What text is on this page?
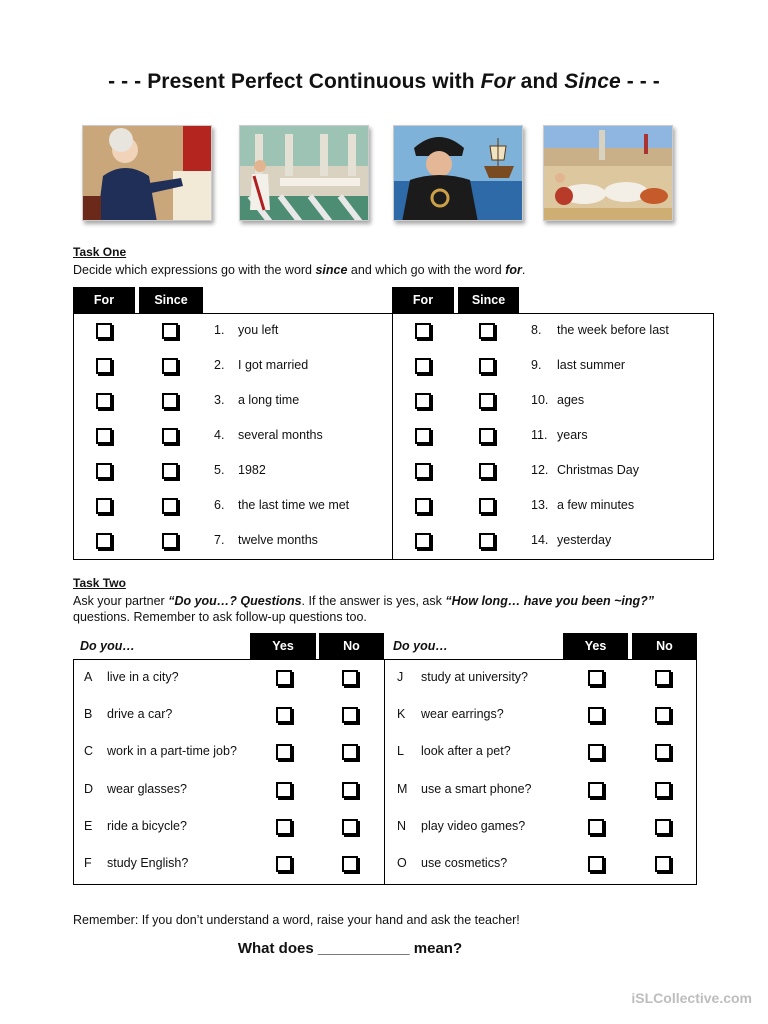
- - - Present Perfect Continuous with For and Since - - -
Task One
Decide which expressions go with the word since and which go with the word for.
For	Since	For	Since
1. you left
2. I got married
3. a long time
4. several months
5. 1982
6. the last time we met
7. twelve months
8. the week before last
9. last summer
10. ages
11. years
12. Christmas Day
13. a few minutes
14. yesterday
Task Two
Ask your partner “Do you…? Questions. If the answer is yes, ask “How long… have you been ~ing?” questions. Remember to ask follow-up questions too.
Do you…	Yes	No	Do you…	Yes	No
A live in a city?
B drive a car?
C work in a part-time job?
D wear glasses?
E ride a bicycle?
F study English?
J study at university?
K wear earrings?
L look after a pet?
M use a smart phone?
N play video games?
O use cosmetics?
Remember: If you don’t understand a word, raise your hand and ask the teacher!
What does ___________ mean?
iSLCollective.com
